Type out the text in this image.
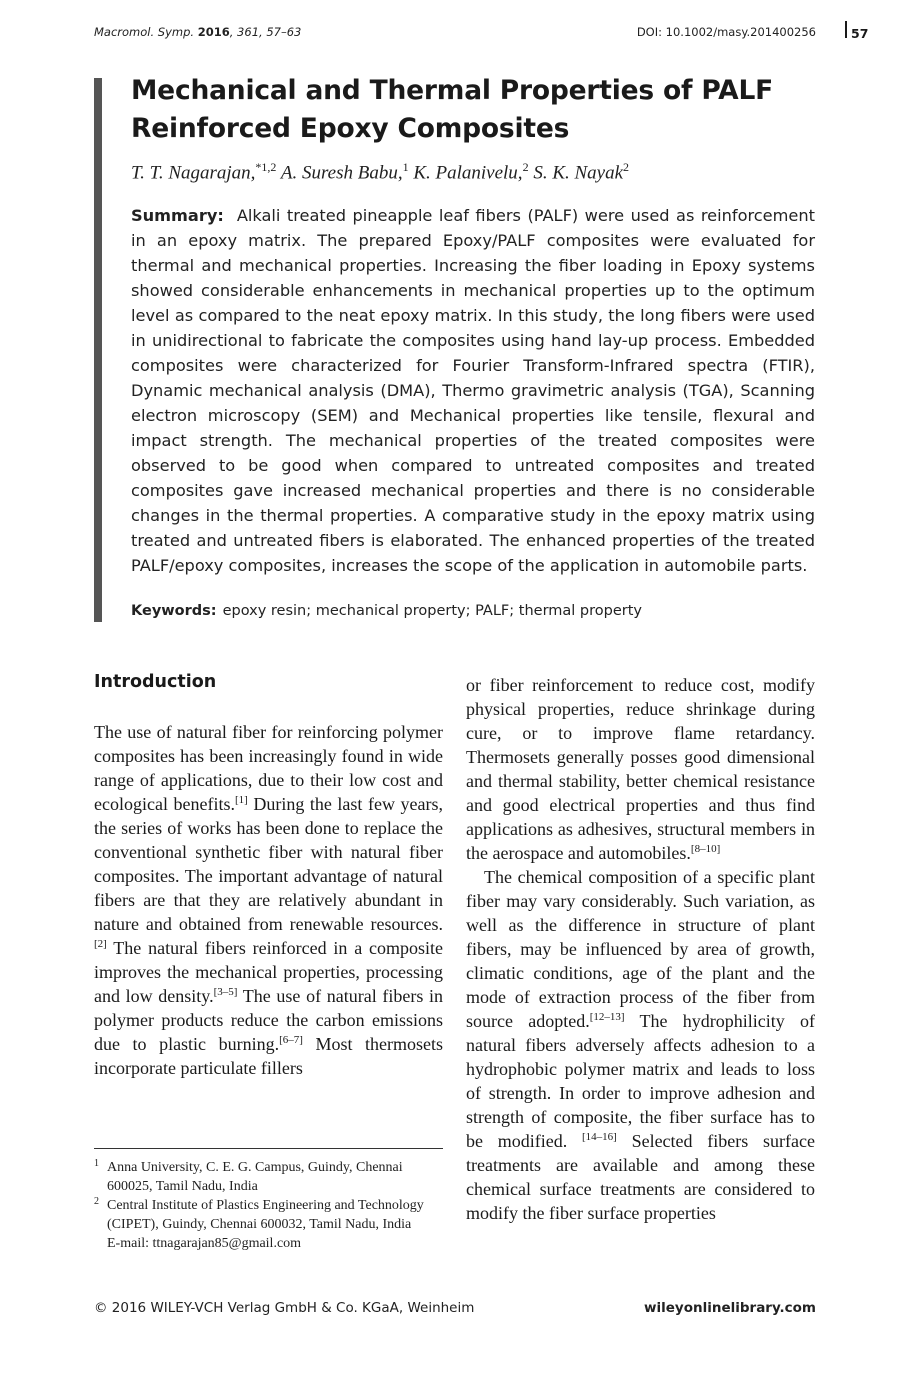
Macromol. Symp. 2016, 361, 57–63	DOI: 10.1002/masy.201400256	57
Mechanical and Thermal Properties of PALF
Reinforced Epoxy Composites
T. T. Nagarajan,$^{*1,2}$ A. Suresh Babu,$^1$ K. Palanivelu,$^2$ S. K. Nayak$^2$
Summary: Alkali treated pineapple leaf fibers (PALF) were used as reinforcement in an epoxy matrix. The prepared Epoxy/PALF composites were evaluated for thermal and mechanical properties. Increasing the fiber loading in Epoxy systems showed considerable enhancements in mechanical properties up to the optimum level as compared to the neat epoxy matrix. In this study, the long fibers were used in unidirectional to fabricate the composites using hand lay-up process. Embedded composites were characterized for Fourier Transform-Infrared spectra (FTIR), Dynamic mechanical analysis (DMA), Thermo gravimetric analysis (TGA), Scanning electron microscopy (SEM) and Mechanical properties like tensile, flexural and impact strength. The mechanical properties of the treated composites were observed to be good when compared to untreated composites and treated composites gave increased mechanical properties and there is no considerable changes in the thermal properties. A comparative study in the epoxy matrix using treated and untreated fibers is elaborated. The enhanced properties of the treated PALF/epoxy composites, increases the scope of the application in automobile parts.
Keywords: epoxy resin; mechanical property; PALF; thermal property
Introduction

The use of natural fiber for reinforcing polymer composites has been increasingly found in wide range of applications, due to their low cost and ecological benefits.[1] During the last few years, the series of works has been done to replace the conventional synthetic fiber with natural fiber composites. The important advantage of natural fibers are that they are relatively abundant in nature and obtained from renewable resources.[2] The natural fibers reinforced in a composite improves the mechanical properties, processing and low density.[3–5] The use of natural fibers in polymer products reduce the carbon emissions due to plastic burning.[6–7] Most thermosets incorporate particulate fillers

or fiber reinforcement to reduce cost, modify physical properties, reduce shrinkage during cure, or to improve flame retardancy. Thermosets generally posses good dimensional and thermal stability, better chemical resistance and good electrical properties and thus find applications as adhesives, structural members in the aerospace and automobiles.[8–10]

The chemical composition of a specific plant fiber may vary considerably. Such variation, as well as the difference in structure of plant fibers, may be influenced by area of growth, climatic conditions, age of the plant and the mode of extraction process of the fiber from source adopted.[12–13] The hydrophilicity of natural fibers adversely affects adhesion to a hydrophobic polymer matrix and leads to loss of strength. In order to improve adhesion and strength of composite, the fiber surface has to be modified. [14–16] Selected fibers surface treatments are available and among these chemical surface treatments are considered to modify the fiber surface properties

1 Anna University, C. E. G. Campus, Guindy, Chennai 600025, Tamil Nadu, India
2 Central Institute of Plastics Engineering and Technology (CIPET), Guindy, Chennai 600032, Tamil Nadu, India
E-mail: ttnagarajan85@gmail.com
© 2016 WILEY-VCH Verlag GmbH & Co. KGaA, Weinheim	wileyonlinelibrary.com
